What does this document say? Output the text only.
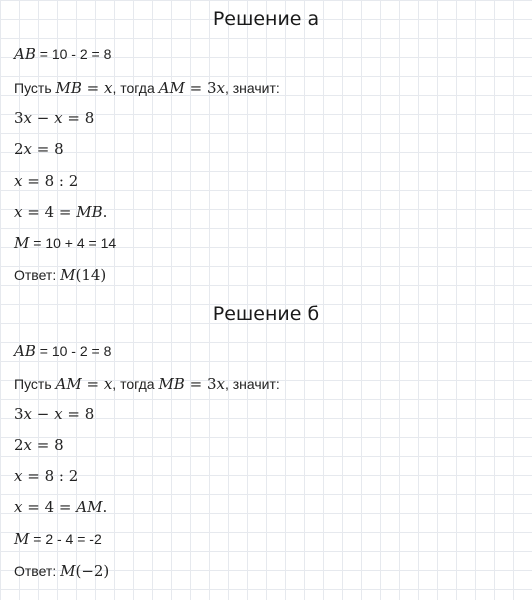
Решение а
AB = 10 - 2 = 8
Пусть MB = x, тогда AM = 3x, значит:
3x − x = 8
2x = 8
x = 8 : 2
x = 4 = MB.
M = 10 + 4 = 14
Ответ: M(14)
Решение б
AB = 10 - 2 = 8
Пусть AM = x, тогда MB = 3x, значит:
3x − x = 8
2x = 8
x = 8 : 2
x = 4 = AM.
M = 2 - 4 = -2
Ответ: M(−2)
